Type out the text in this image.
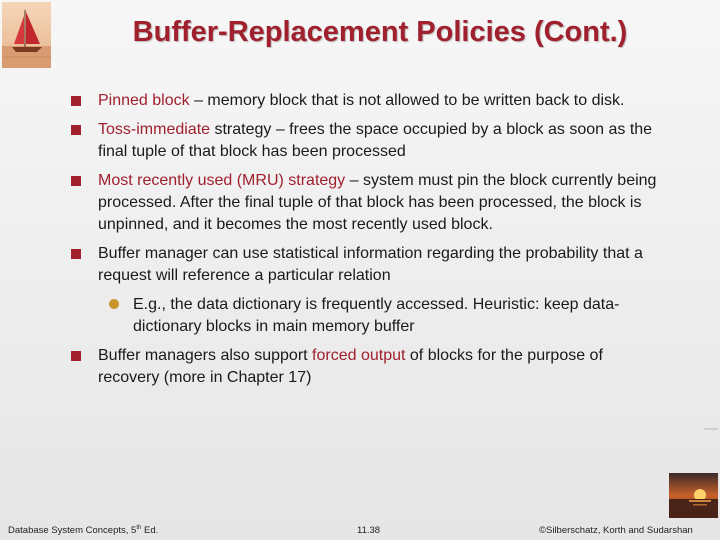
Buffer-Replacement Policies (Cont.)
Pinned block – memory block that is not allowed to be written back to disk.
Toss-immediate strategy – frees the space occupied by a block as soon as the final tuple of that block has been processed
Most recently used (MRU) strategy – system must pin the block currently being processed. After the final tuple of that block has been processed, the block is unpinned, and it becomes the most recently used block.
Buffer manager can use statistical information regarding the probability that a request will reference a particular relation
E.g., the data dictionary is frequently accessed. Heuristic: keep data-dictionary blocks in main memory buffer
Buffer managers also support forced output of blocks for the purpose of recovery (more in Chapter 17)
Database System Concepts, 5th Ed.	11.38	©Silberschatz, Korth and Sudarshan
